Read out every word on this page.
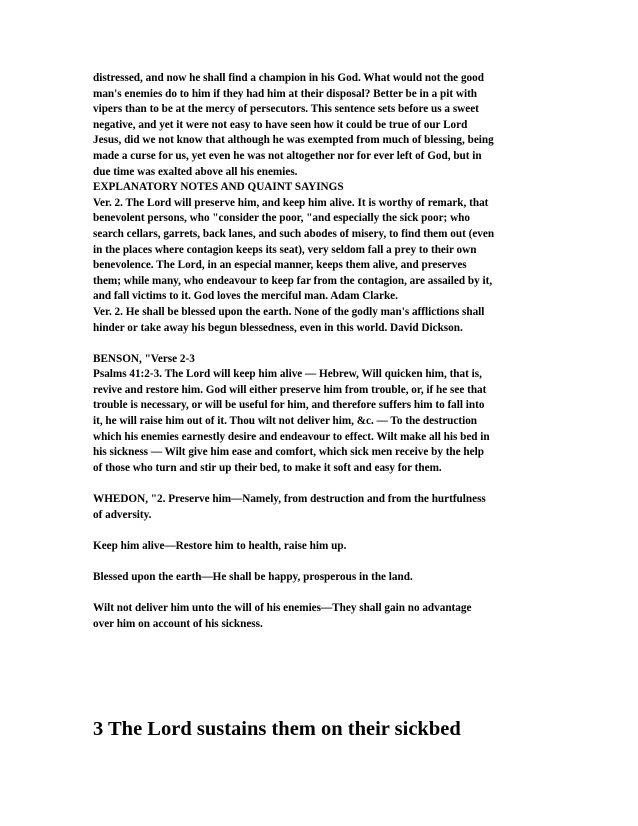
distressed, and now he shall find a champion in his God. What would not the good
man's enemies do to him if they had him at their disposal? Better be in a pit with
vipers than to be at the mercy of persecutors. This sentence sets before us a sweet
negative, and yet it were not easy to have seen how it could be true of our Lord
Jesus, did we not know that although he was exempted from much of blessing, being
made a curse for us, yet even he was not altogether nor for ever left of God, but in
due time was exalted above all his enemies.
EXPLANATORY NOTES AND QUAINT SAYINGS
Ver. 2. The Lord will preserve him, and keep him alive. It is worthy of remark, that
benevolent persons, who "consider the poor, "and especially the sick poor; who
search cellars, garrets, back lanes, and such abodes of misery, to find them out (even
in the places where contagion keeps its seat), very seldom fall a prey to their own
benevolence. The Lord, in an especial manner, keeps them alive, and preserves
them; while many, who endeavour to keep far from the contagion, are assailed by it,
and fall victims to it. God loves the merciful man. Adam Clarke.
Ver. 2. He shall be blessed upon the earth. None of the godly man's afflictions shall
hinder or take away his begun blessedness, even in this world. David Dickson.

BENSON, "Verse 2-3
Psalms 41:2-3. The Lord will keep him alive — Hebrew, Will quicken him, that is,
revive and restore him. God will either preserve him from trouble, or, if he see that
trouble is necessary, or will be useful for him, and therefore suffers him to fall into
it, he will raise him out of it. Thou wilt not deliver him, &c. — To the destruction
which his enemies earnestly desire and endeavour to effect. Wilt make all his bed in
his sickness — Wilt give him ease and comfort, which sick men receive by the help
of those who turn and stir up their bed, to make it soft and easy for them.

WHEDON, "2. Preserve him—Namely, from destruction and from the hurtfulness
of adversity.

Keep him alive—Restore him to health, raise him up.

Blessed upon the earth—He shall be happy, prosperous in the land.

Wilt not deliver him unto the will of his enemies—They shall gain no advantage
over him on account of his sickness.

3 The Lord sustains them on their sickbed
